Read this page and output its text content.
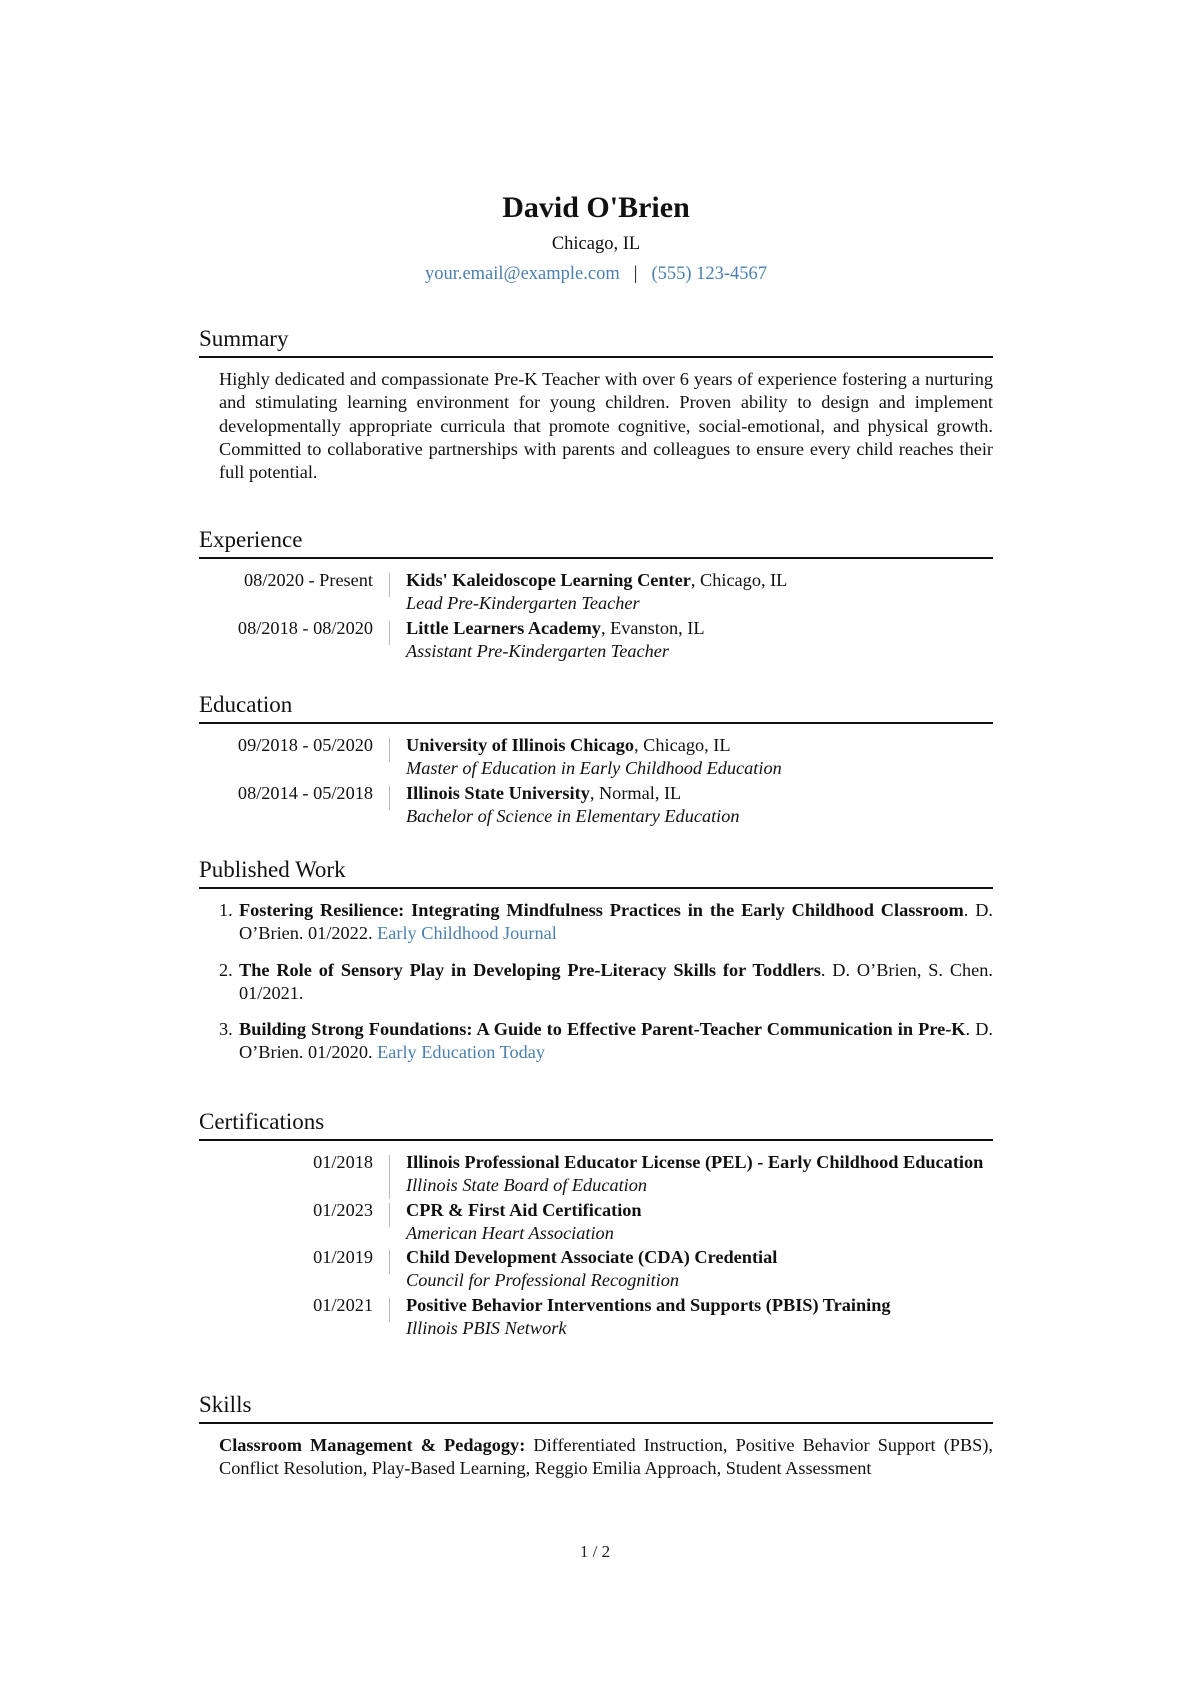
David O'Brien
Chicago, IL
your.email@example.com | (555) 123-4567
Summary
Highly dedicated and compassionate Pre-K Teacher with over 6 years of experience fostering a nurturing and stimulating learning environment for young children. Proven ability to design and implement developmentally appropriate curricula that promote cognitive, social-emotional, and physical growth. Committed to collaborative partnerships with parents and colleagues to ensure every child reaches their full potential.
Experience
08/2020 - Present Kids' Kaleidoscope Learning Center, Chicago, IL
Lead Pre-Kindergarten Teacher
08/2018 - 08/2020 Little Learners Academy, Evanston, IL
Assistant Pre-Kindergarten Teacher
Education
09/2018 - 05/2020 University of Illinois Chicago, Chicago, IL
Master of Education in Early Childhood Education
08/2014 - 05/2018 Illinois State University, Normal, IL
Bachelor of Science in Elementary Education
Published Work
1. Fostering Resilience: Integrating Mindfulness Practices in the Early Childhood Classroom. D. O’Brien. 01/2022. Early Childhood Journal
2. The Role of Sensory Play in Developing Pre-Literacy Skills for Toddlers. D. O’Brien, S. Chen. 01/2021.
3. Building Strong Foundations: A Guide to Effective Parent-Teacher Communication in Pre-K. D. O’Brien. 01/2020. Early Education Today
Certifications
01/2018 Illinois Professional Educator License (PEL) - Early Childhood Education
Illinois State Board of Education
01/2023 CPR & First Aid Certification
American Heart Association
01/2019 Child Development Associate (CDA) Credential
Council for Professional Recognition
01/2021 Positive Behavior Interventions and Supports (PBIS) Training
Illinois PBIS Network
Skills
Classroom Management & Pedagogy: Differentiated Instruction, Positive Behavior Support (PBS), Conflict Resolution, Play-Based Learning, Reggio Emilia Approach, Student Assessment
1 / 2
